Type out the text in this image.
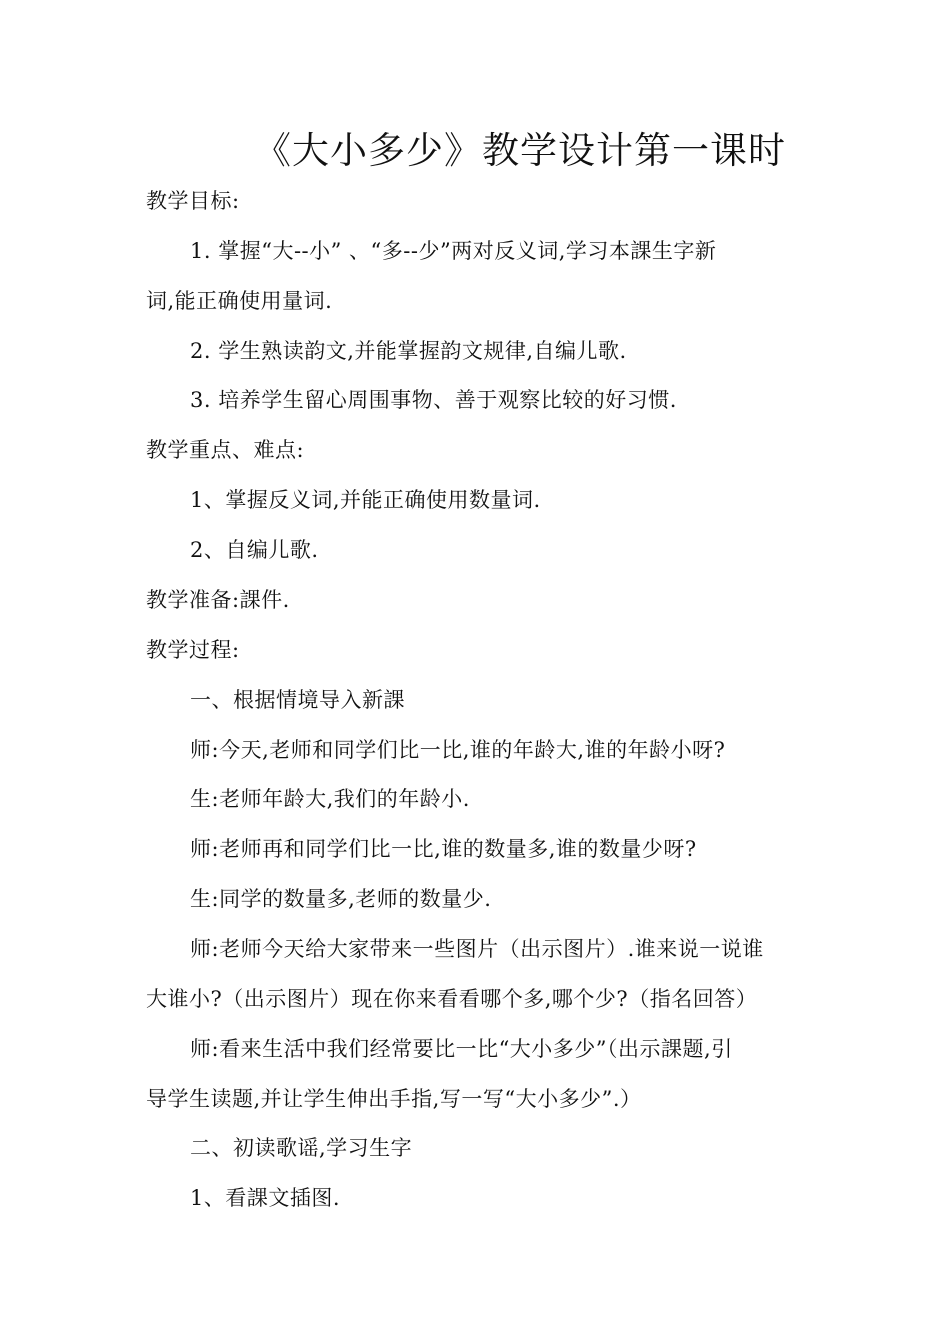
《大小多少》教学设计第一课时
教学目标:
1. 掌握“大--小” 、“多--少”两对反义词,学习本課生字新
词,能正确使用量词.
2. 学生熟读韵文,并能掌握韵文规律,自编儿歌.
3. 培养学生留心周围事物、善于观察比较的好习惯.
教学重点、难点:
1、掌握反义词,并能正确使用数量词.
2、自编儿歌.
教学准备:課件.
教学过程:
一、根据情境导入新課
师:今天,老师和同学们比一比,谁的年龄大,谁的年龄小呀?
生:老师年龄大,我们的年龄小.
师:老师再和同学们比一比,谁的数量多,谁的数量少呀?
生:同学的数量多,老师的数量少.
师:老师今天给大家带来一些图片（出示图片）.谁来说一说谁
大谁小?（出示图片）现在你来看看哪个多,哪个少?（指名回答）
师:看来生活中我们经常要比一比“大小多少”（出示課题,引
导学生读题,并让学生伸出手指,写一写“大小多少”.）
二、初读歌谣,学习生字
1、看課文插图.
